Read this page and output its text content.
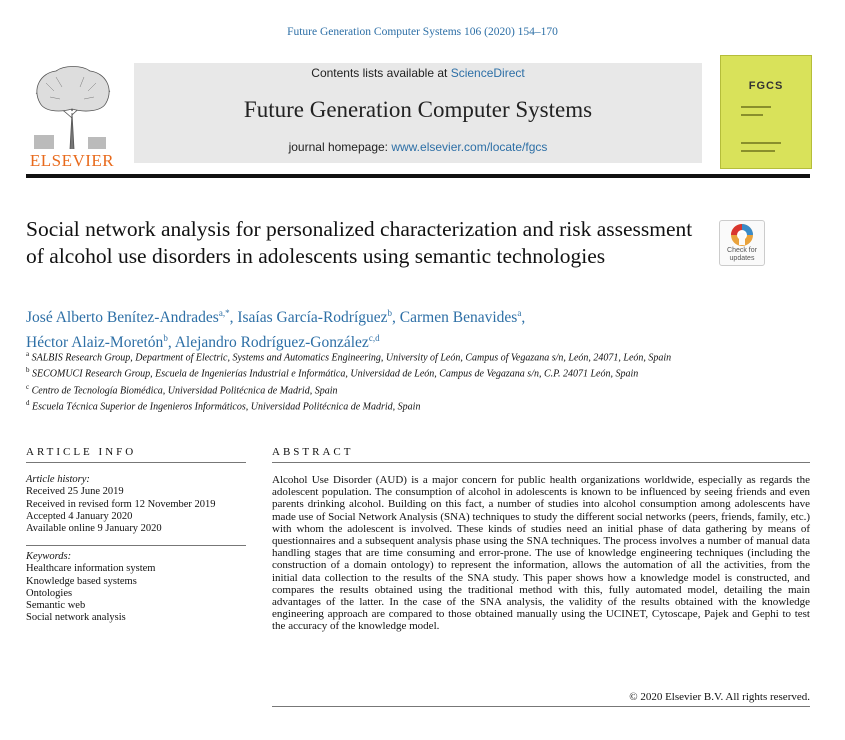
Future Generation Computer Systems 106 (2020) 154–170
ELSEVIER
Contents lists available at ScienceDirect
Future Generation Computer Systems
journal homepage: www.elsevier.com/locate/fgcs
FGCS
Social network analysis for personalized characterization and risk assessment of alcohol use disorders in adolescents using semantic technologies	Check for updates
José Alberto Benítez-Andrades$^{a,*}$, Isaías García-Rodríguez$^b$, Carmen Benavides$^a$,
Héctor Alaiz-Moretón$^b$, Alejandro Rodríguez-González$^{c,d}$
$^a$ SALBIS Research Group, Department of Electric, Systems and Automatics Engineering, University of León, Campus of Vegazana s/n, León, 24071, León, Spain
$^b$ SECOMUCI Research Group, Escuela de Ingenierías Industrial e Informática, Universidad de León, Campus de Vegazana s/n, C.P. 24071 León, Spain
$^c$ Centro de Tecnología Biomédica, Universidad Politécnica de Madrid, Spain
$^d$ Escuela Técnica Superior de Ingenieros Informáticos, Universidad Politécnica de Madrid, Spain
ARTICLE INFO	ABSTRACT
Article history:
Received 25 June 2019
Received in revised form 12 November 2019
Accepted 4 January 2020
Available online 9 January 2020
Keywords:
Healthcare information system
Knowledge based systems
Ontologies
Semantic web
Social network analysis
Alcohol Use Disorder (AUD) is a major concern for public health organizations worldwide, especially as regards the adolescent population. The consumption of alcohol in adolescents is known to be influenced by seeing friends and even parents drinking alcohol. Building on this fact, a number of studies into alcohol consumption among adolescents have made use of Social Network Analysis (SNA) techniques to study the different social networks (peers, friends, family, etc.) with whom the adolescent is involved. These kinds of studies need an initial phase of data gathering by means of questionnaires and a subsequent analysis phase using the SNA techniques. The process involves a number of manual data handling stages that are time consuming and error-prone. The use of knowledge engineering techniques (including the construction of a domain ontology) to represent the information, allows the automation of all the activities, from the initial data collection to the results of the SNA study. This paper shows how a knowledge model is constructed, and compares the results obtained using the traditional method with this, fully automated model, detailing the main advantages of the latter. In the case of the SNA analysis, the validity of the results obtained with the knowledge engineering approach are compared to those obtained manually using the UCINET, Cytoscape, Pajek and Gephi to test the accuracy of the knowledge model.
© 2020 Elsevier B.V. All rights reserved.
